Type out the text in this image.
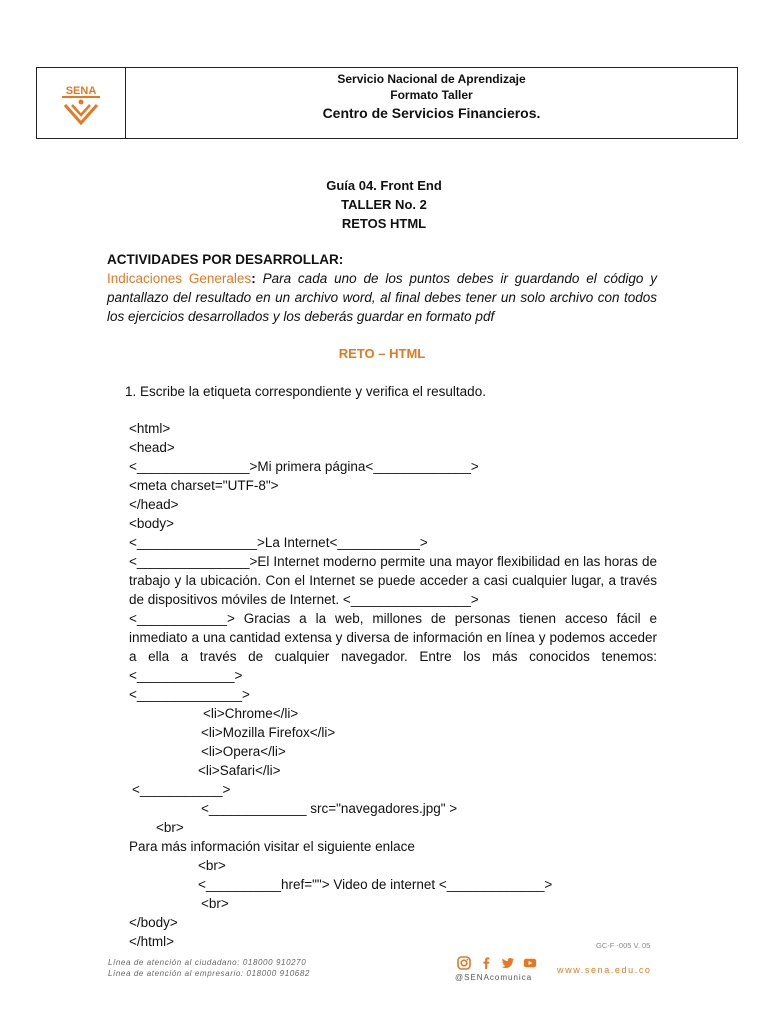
SENA
Servicio Nacional de Aprendizaje
Formato Taller
Centro de Servicios Financieros.
Guía 04. Front End
TALLER No. 2
RETOS HTML
ACTIVIDADES POR DESARROLLAR:
Indicaciones Generales: Para cada uno de los puntos debes ir guardando el código y pantallazo del resultado en un archivo word, al final debes tener un solo archivo con todos los ejercicios desarrollados y los deberás guardar en formato pdf
RETO – HTML
1. Escribe la etiqueta correspondiente y verifica el resultado.
<html>
<head>
<_______________>Mi primera página<_____________>
<meta charset="UTF-8">
</head>
<body>
<________________>La Internet<___________>
<_______________>El Internet moderno permite una mayor flexibilidad en las horas de trabajo y la ubicación. Con el Internet se puede acceder a casi cualquier lugar, a través de dispositivos móviles de Internet. <________________>
<____________> Gracias a la web, millones de personas tienen acceso fácil e inmediato a una cantidad extensa y diversa de información en línea y podemos acceder a ella a través de cualquier navegador. Entre los más conocidos tenemos: <_____________>
<______________>
<li>Chrome</li>
<li>Mozilla Firefox</li>
<li>Opera</li>
<li>Safari</li>
<___________>
<_____________ src="navegadores.jpg" >
<br>
Para más información visitar el siguiente enlace
<br>
<__________href=""> Video de internet <_____________>
<br>
</body>
</html>	GC-F -005 V. 05
Línea de atención al ciudadano: 018000 910270
Línea de atención al empresario: 018000 910682	@SENAcomunica
www.sena.edu.co
